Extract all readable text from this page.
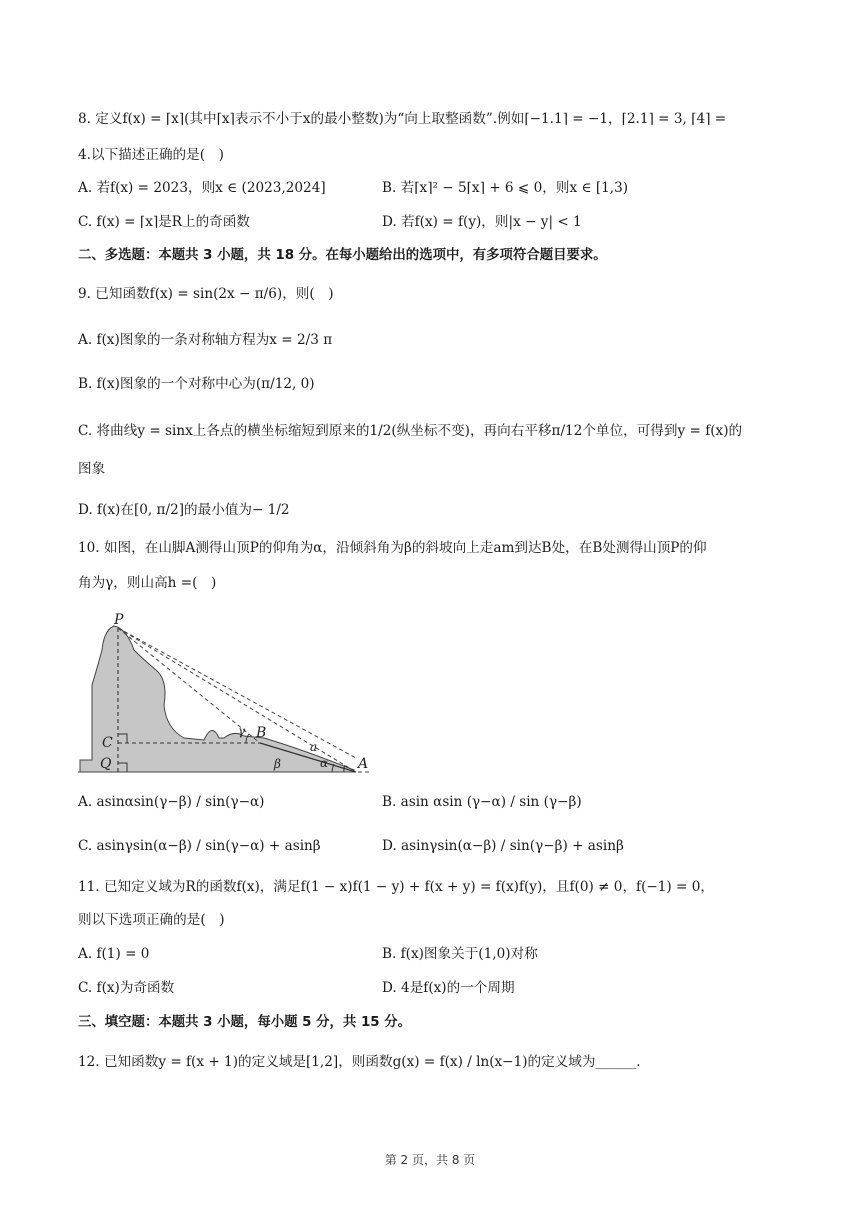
8. 定义f(x) = ⌈x⌉(其中⌈x⌉表示不小于x的最小整数)为“向上取整函数”.例如⌈−1.1⌉ = −1，⌈2.1⌉ = 3, ⌈4⌉ =
4.以下描述正确的是(　)
A. 若f(x) = 2023，则x ∈ (2023,2024]	B. 若⌈x⌉² − 5⌈x⌉ + 6 ⩽ 0，则x ∈ [1,3)
C. f(x) = ⌈x⌉是R上的奇函数	D. 若f(x) = f(y)，则|x − y| < 1
二、多选题：本题共 3 小题，共 18 分。在每小题给出的选项中，有多项符合题目要求。
9. 已知函数f(x) = sin(2x − π/6)，则(　)
A. f(x)图象的一条对称轴方程为x = 2/3 π
B. f(x)图象的一个对称中心为(π/12, 0)
C. 将曲线y = sinx上各点的横坐标缩短到原来的1/2(纵坐标不变)，再向右平移π/12个单位，可得到y = f(x)的
图象
D. f(x)在[0, π/2]的最小值为− 1/2
10. 如图，在山脚A测得山顶P的仰角为α，沿倾斜角为β的斜坡向上走am到达B处，在B处测得山顶P的仰
角为γ，则山高h =(　)
P
C
Q
B
A
a
γ
α
β
A. asinαsin(γ−β) / sin(γ−α)	B. asin αsin (γ−α) / sin (γ−β)
C. asinγsin(α−β) / sin(γ−α) + asinβ	D. asinγsin(α−β) / sin(γ−β) + asinβ
11. 已知定义域为R的函数f(x)，满足f(1 − x)f(1 − y) + f(x + y) = f(x)f(y)，且f(0) ≠ 0，f(−1) = 0，
则以下选项正确的是(　)
A. f(1) = 0	B. f(x)图象关于(1,0)对称
C. f(x)为奇函数	D. 4是f(x)的一个周期
三、填空题：本题共 3 小题，每小题 5 分，共 15 分。
12. 已知函数y = f(x + 1)的定义域是[1,2]，则函数g(x) = f(x) / ln(x−1)的定义域为______.
第 2 页，共 8 页
